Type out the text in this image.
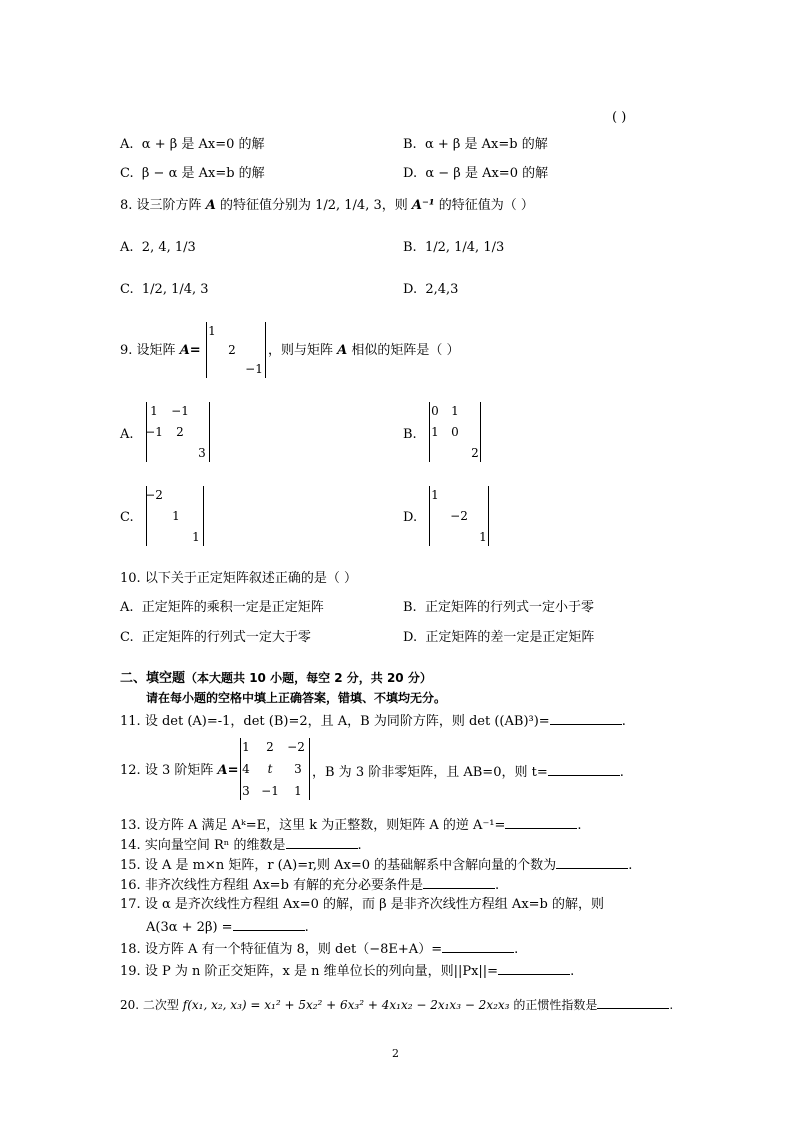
( )
A. α + β 是 Ax=0 的解	B. α + β 是 Ax=b 的解
C. β − α 是 Ax=b 的解	D. α − β 是 Ax=0 的解
8. 设三阶方阵 A 的特征值分别为 1/2, 1/4, 3，则 A⁻¹ 的特征值为（ ）
A. 2, 4, 1/3	B. 1/2, 1/4, 1/3
C. 1/2, 1/4, 3	D. 2,4,3
9. 设矩阵 A=
1
2
−1
，则与矩阵 A 相似的矩阵是（ ）
A.
1	−1
−1	2
3
B.
0	1
1	0
2
C.
−2
1
1
D.
1
−2
1
10. 以下关于正定矩阵叙述正确的是（ ）
A. 正定矩阵的乘积一定是正定矩阵	B. 正定矩阵的行列式一定小于零
C. 正定矩阵的行列式一定大于零	D. 正定矩阵的差一定是正定矩阵
二、填空题（本大题共 10 小题，每空 2 分，共 20 分）
请在每小题的空格中填上正确答案，错填、不填均无分。
11. 设 det (A)=-1，det (B)=2，且 A，B 为同阶方阵，则 det ((AB)³)=	.
12. 设 3 阶矩阵 A=
1	2	−2
4	t	3
3 −1	1
，B 为 3 阶非零矩阵，且 AB=0，则 t=	.
13. 设方阵 A 满足 Aᵏ=E，这里 k 为正整数，则矩阵 A 的逆 A⁻¹=	.
14. 实向量空间 Rⁿ 的维数是	.
15. 设 A 是 m×n 矩阵，r (A)=r,则 Ax=0 的基础解系中含解向量的个数为	.
16. 非齐次线性方程组 Ax=b 有解的充分必要条件是	.
17. 设 α 是齐次线性方程组 Ax=0 的解，而 β 是非齐次线性方程组 Ax=b 的解，则
A(3α + 2β) =	.
18. 设方阵 A 有一个特征值为 8，则 det（−8E+A）=	.
19. 设 P 为 n 阶正交矩阵，x 是 n 维单位长的列向量，则||Px||=	.
20. 二次型 f(x₁, x₂, x₃) = x₁² + 5x₂² + 6x₃² + 4x₁x₂ − 2x₁x₃ − 2x₂x₃ 的正惯性指数是	.
2
